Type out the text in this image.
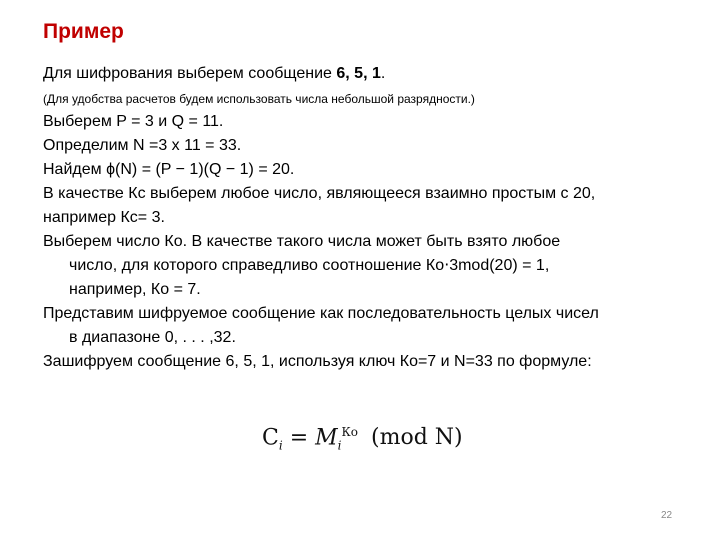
Пример
Для шифрования выберем сообщение 6, 5, 1.
(Для удобства расчетов будем использовать числа небольшой разрядности.)
Выберем P = 3 и Q = 11.
Определим N =3 x 11 = 33.
Найдем ϕ(N) = (P − 1)(Q − 1) = 20.
В качестве Кс выберем любое число, являющееся взаимно простым с 20,
например Кс= 3.
Выберем число Ко. В качестве такого числа может быть взято любое
число, для которого справедливо соотношение Ко⋅3mod(20) = 1,
например, Ко = 7.
Представим шифруемое сообщение как последовательность целых чисел
в диапазоне 0, . . . ,32.
Зашифруем сообщение 6, 5, 1, используя ключ Ко=7 и N=33 по формуле:
$C_i = M_i^{Ко}$ (mod N)
22
